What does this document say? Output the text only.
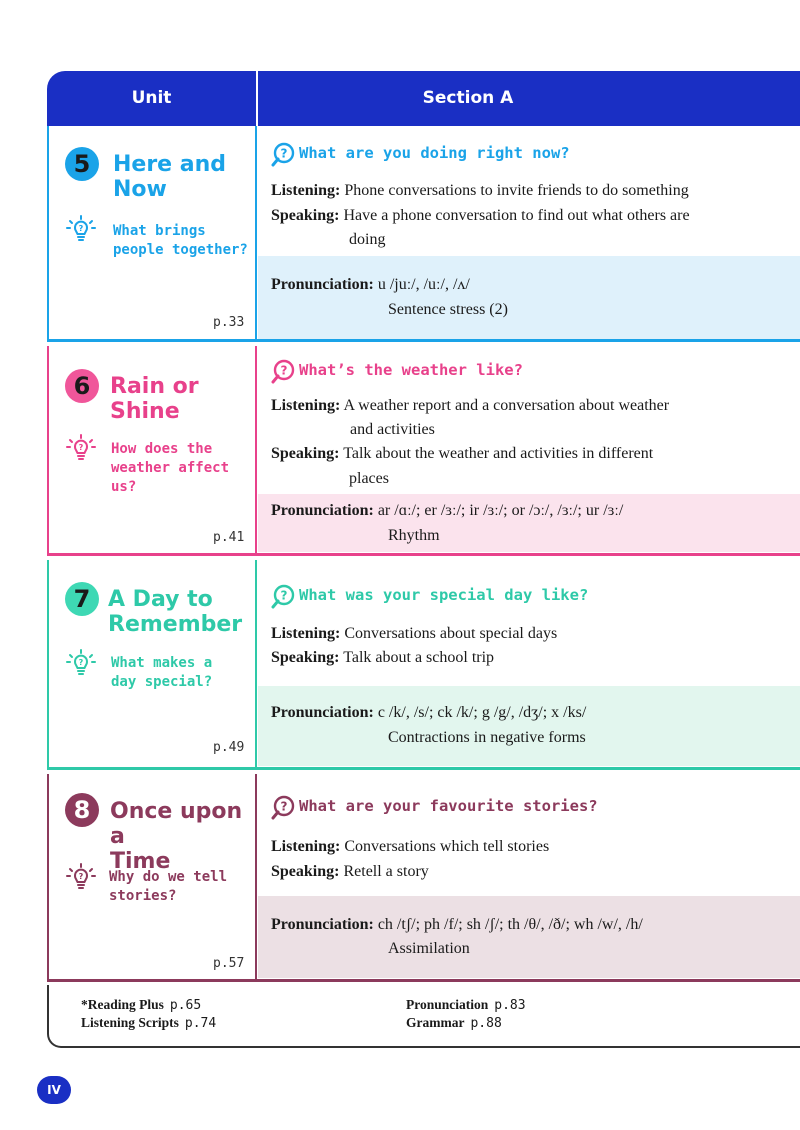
Unit	Section A
5	Here and
Now
? What brings
people together?
p.33
? What are you doing right now?
Listening: Phone conversations to invite friends to do something
Speaking: Have a phone conversation to find out what others are
doing
Pronunciation: u /juː/, /uː/, /ʌ/
Sentence stress (2)
6 Rain or
Shine
? How does the
weather affect
us?
p.41
? What’s the weather like?
Listening: A weather report and a conversation about weather
and activities
Speaking: Talk about the weather and activities in different
places
Pronunciation: ar /ɑː/; er /ɜː/; ir /ɜː/; or /ɔː/, /ɜː/; ur /ɜː/
Rhythm
7 A Day to
Remember
? What makes a
day special?
p.49
? What was your special day like?
Listening: Conversations about special days
Speaking: Talk about a school trip
Pronunciation: c /k/, /s/; ck /k/; g /g/, /dʒ/; x /ks/
Contractions in negative forms
8 Once upon a
Time
? Why do we tell
stories?
p.57
? What are your favourite stories?
Listening: Conversations which tell stories
Speaking: Retell a story
Pronunciation: ch /tʃ/; ph /f/; sh /ʃ/; th /θ/, /ð/; wh /w/, /h/
Assimilation
*Reading Plus p.65
Listening Scripts p.74
Pronunciation p.83
Grammar p.88
IV
